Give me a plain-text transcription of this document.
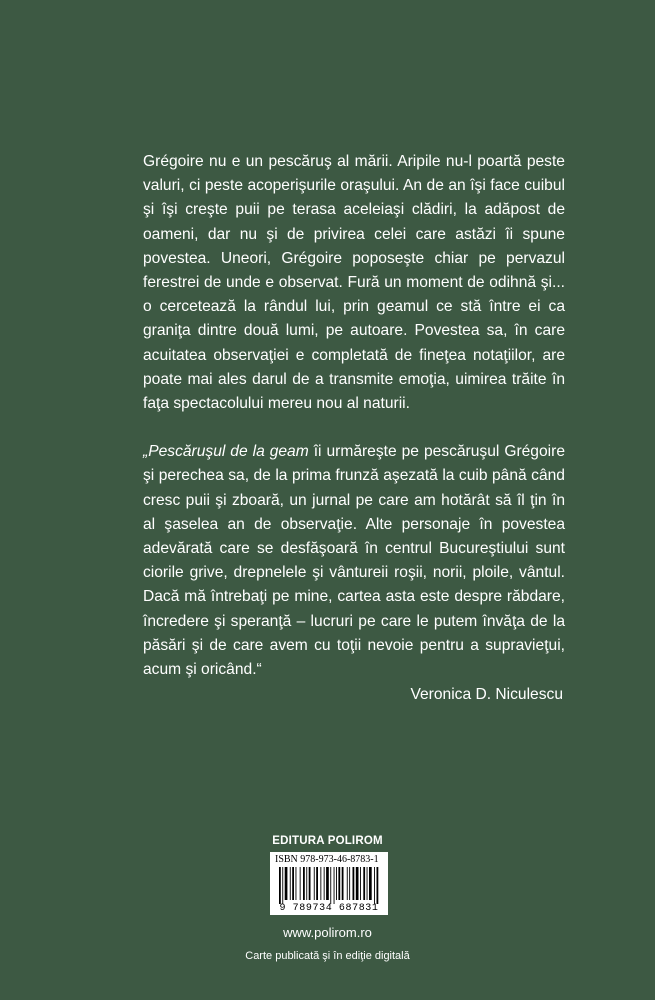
Grégoire nu e un pescăruş al mării. Aripile nu-l poartă peste valuri, ci peste acoperişurile oraşului. An de an îşi face cuibul şi îşi creşte puii pe terasa aceleiaşi clădiri, la adăpost de oameni, dar nu şi de privirea celei care astăzi îi spune povestea. Uneori, Grégoire poposeşte chiar pe pervazul ferestrei de unde e observat. Fură un moment de odihnă şi... o cercetează la rândul lui, prin geamul ce stă între ei ca graniţa dintre două lumi, pe autoare. Povestea sa, în care acuitatea observaţiei e completată de fineţea notaţiilor, are poate mai ales darul de a transmite emoţia, uimirea trăite în faţa spectacolului mereu nou al naturii.

„Pescăruşul de la geam îi urmăreşte pe pescăruşul Grégoire şi perechea sa, de la prima frunză aşezată la cuib până când cresc puii şi zboară, un jurnal pe care am hotărât să îl ţin în al şaselea an de observaţie. Alte personaje în povestea adevărată care se desfăşoară în centrul Bucureştiului sunt ciorile grive, drepnelele şi vântureii roşii, norii, ploile, vântul. Dacă mă întrebaţi pe mine, cartea asta este despre răbdare, încredere şi speranţă – lucruri pe care le putem învăţa de la păsări şi de care avem cu toţii nevoie pentru a supravieţui, acum şi oricând.“

Veronica D. Niculescu
EDITURA POLIROM
ISBN 978-973-46-8783-1
9 789734 687831
www.polirom.ro
Carte publicată şi în ediţie digitală
